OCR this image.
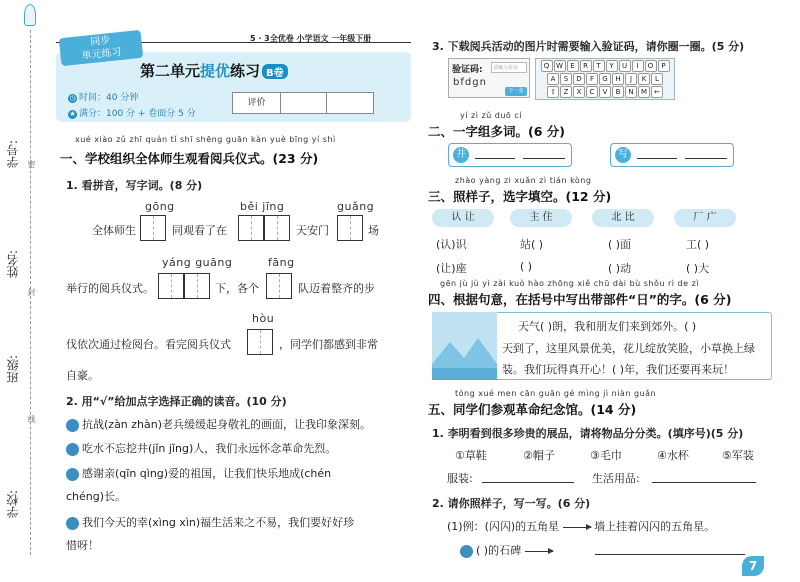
学号:
姓名:
班级:
学校:
密
封
线
5 · 3全优卷 小学语文 一年级下册
同步
单元练习
第二单元提优练习 B卷
◷ 时间：40 分钟
★ 满分：100 分 + 卷面分 5 分
评价
xué xiào zǔ zhī quán tǐ shī shēng guān kàn yuè bīng yí shì
一、学校组织全体师生观看阅兵仪式。(23 分)
1. 看拼音，写字词。(8 分)
gōng	běi jīng	guǎng
全体师生	同观看了在	天安门	场
yáng guāng	fāng
举行的阅兵仪式。	下，各个	队迈着整齐的步
hòu
伐依次通过检阅台。看完阅兵仪式	，同学们都感到非常
自豪。
2. 用“√”给加点字选择正确的读音。(10 分)
抗战(zàn zhàn)老兵缓缓起身敬礼的画面，让我印象深刻。
吃水不忘挖井(jǐn jǐng)人，我们永远怀念革命先烈。
感谢亲(qīn qìng)爱的祖国，让我们快乐地成(chén
chéng)长。
我们今天的幸(xìng xìn)福生活来之不易，我们要好好珍
惜呀！
3. 下载阅兵活动的图片时需要输入验证码，请你圈一圈。(5 分)
验证码:	请输入验证
bfdgn
下一张
Q W	E	R	T	Y	U	I	O	P
A	S	D	F	G	H	J	K	L
⇧	Z	X	C	V	B	N	M	←
yí zì zǔ duō cí
二、一字组多词。(6 分)
井	写
zhào yàng zi xuǎn zì tián kòng
三、照样子，选字填空。(12 分)
认 让	主 住	北 比	厂 广
(认)识	站( )	( )面	工( )
(让)座	( )	( )动	( )大
gēn jù jù yì zài kuò hào zhōng xiě chū dài bù shǒu rì de zì
四、根据句意，在括号中写出带部件“日”的字。(6 分)
天气( )朗，我和朋友们来到郊外。( )
天到了，这里风景优美，花儿绽放笑脸，小草换上绿
装。我们玩得真开心！( )年，我们还要再来玩！
tóng xué men cān guān gé mìng jì niàn guǎn
五、同学们参观革命纪念馆。(14 分)
1. 李明看到很多珍贵的展品，请将物品分分类。(填序号)(5 分)
①草鞋	②帽子	③毛巾	④水杯	⑤军装
服装:	生活用品:
2. 请你照样子，写一写。(6 分)
(1)例：(闪闪)的五角星	墙上挂着闪闪的五角星。
( )的石碑
7
